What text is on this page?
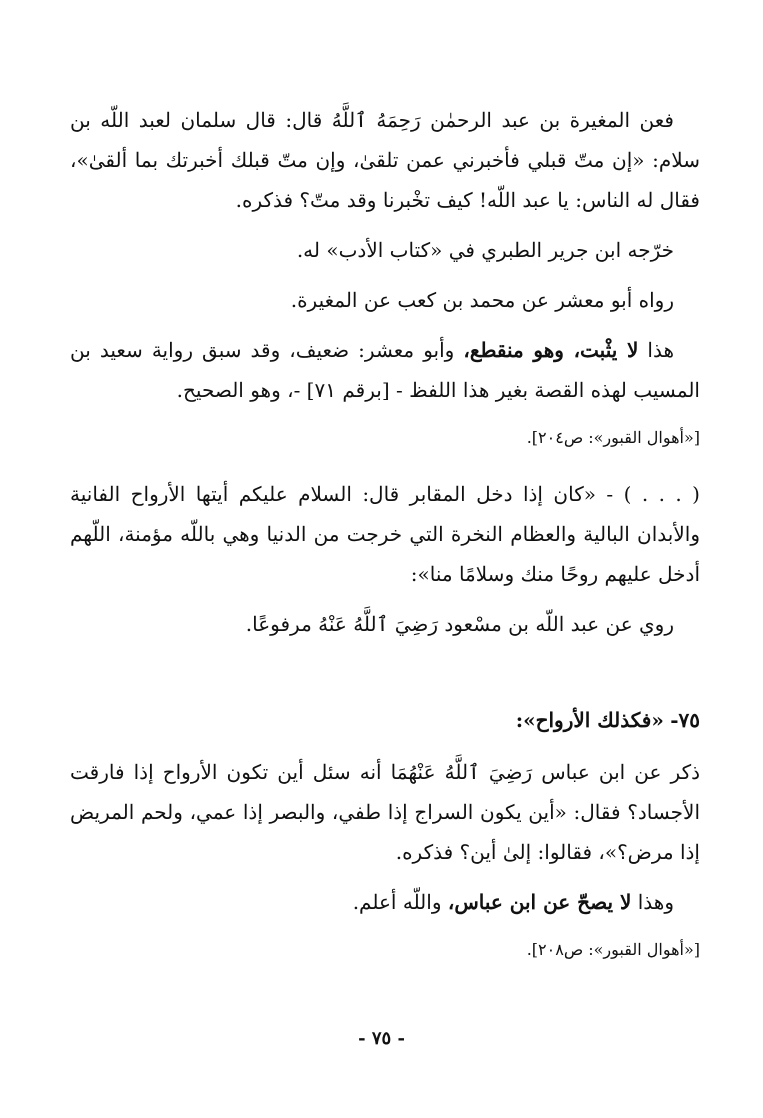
فعن المغيرة بن عبد الرحمٰن رَحِمَهُ ٱللَّهُ قال: قال سلمان لعبد اللّه بن سلام: «إن متّ قبلي فأخبرني عمن تلقىٰ، وإن متّ قبلك أخبرتك بما ألقىٰ»، فقال له الناس: يا عبد اللّه! كيف تخْبرنا وقد متّ؟ فذكره.

خرّجه ابن جرير الطبري في «كتاب الأدب» له.

رواه أبو معشر عن محمد بن كعب عن المغيرة.

هذا لا يثْبت، وهو منقطع، وأبو معشر: ضعيف، وقد سبق رواية سعيد بن المسيب لهذه القصة بغير هذا اللفظ - [برقم ٧١] -، وهو الصحيح.

[«أهوال القبور»: ص٢٠٤].

( . . . ) - «كان إذا دخل المقابر قال: السلام عليكم أيتها الأرواح الفانية والأبدان البالية والعظام النخرة التي خرجت من الدنيا وهي باللّه مؤمنة، اللّهم أدخل عليهم روحًا منك وسلامًا منا»:

روي عن عبد اللّه بن مسْعود رَضِيَ ٱللَّهُ عَنْهُ مرفوعًا.

٧٥- «فكذلك الأرواح»:

ذكر عن ابن عباس رَضِيَ ٱللَّهُ عَنْهُمَا أنه سئل أين تكون الأرواح إذا فارقت الأجساد؟ فقال: «أين يكون السراج إذا طفي، والبصر إذا عمي، ولحم المريض إذا مرض؟»، فقالوا: إلىٰ أين؟ فذكره.

وهذا لا يصحّ عن ابن عباس، واللّه أعلم.

[«أهوال القبور»: ص٢٠٨].

- ٧٥ -
